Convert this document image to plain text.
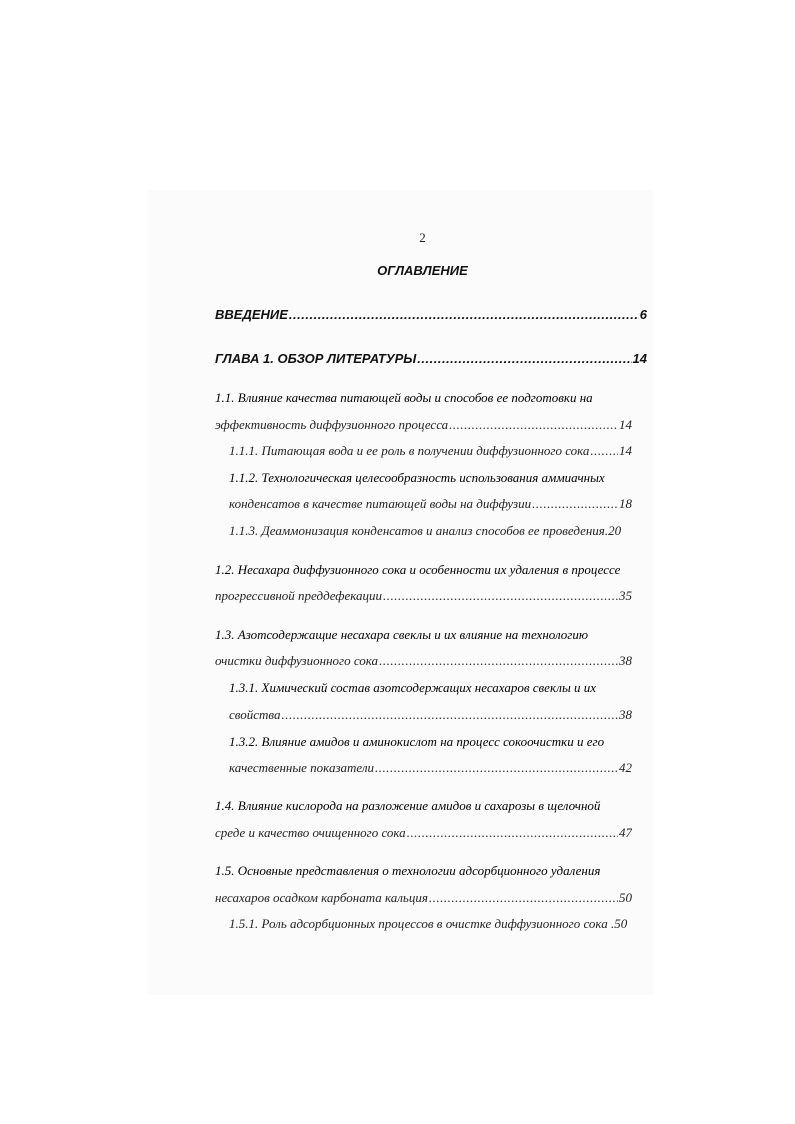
2
ОГЛАВЛЕНИЕ
ВВЕДЕНИЕ .....	6
ГЛАВА 1. ОБЗОР ЛИТЕРАТУРЫ .....	14
1.1. Влияние качества питающей воды и способов ее подготовки на
эффективность диффузионного процесса .....	14
1.1.1. Питающая вода и ее роль в получении диффузионного сока ..... 14
1.1.2. Технологическая целесообразность использования аммиачных
конденсатов в качестве питающей воды на диффузии .....	18
1.1.3. Деаммонизация конденсатов и анализ способов ее проведения. 20
1.2. Несахара диффузионного сока и особенности их удаления в процессе
прогрессивной преддефекации .....	35
1.3. Азотсодержащие несахара свеклы и их влияние на технологию
очистки диффузионного сока .....	38
1.3.1. Химический состав азотсодержащих несахаров свеклы и их
свойства .....	38
1.3.2. Влияние амидов и аминокислот на процесс сокоочистки и его
качественные показатели .....	42
1.4. Влияние кислорода на разложение амидов и сахарозы в щелочной
среде и качество очищенного сока .....	47
1.5. Основные представления о технологии адсорбционного удаления
несахаров осадком карбоната кальция .....	50
1.5.1. Роль адсорбционных процессов в очистке диффузионного сока . 50
